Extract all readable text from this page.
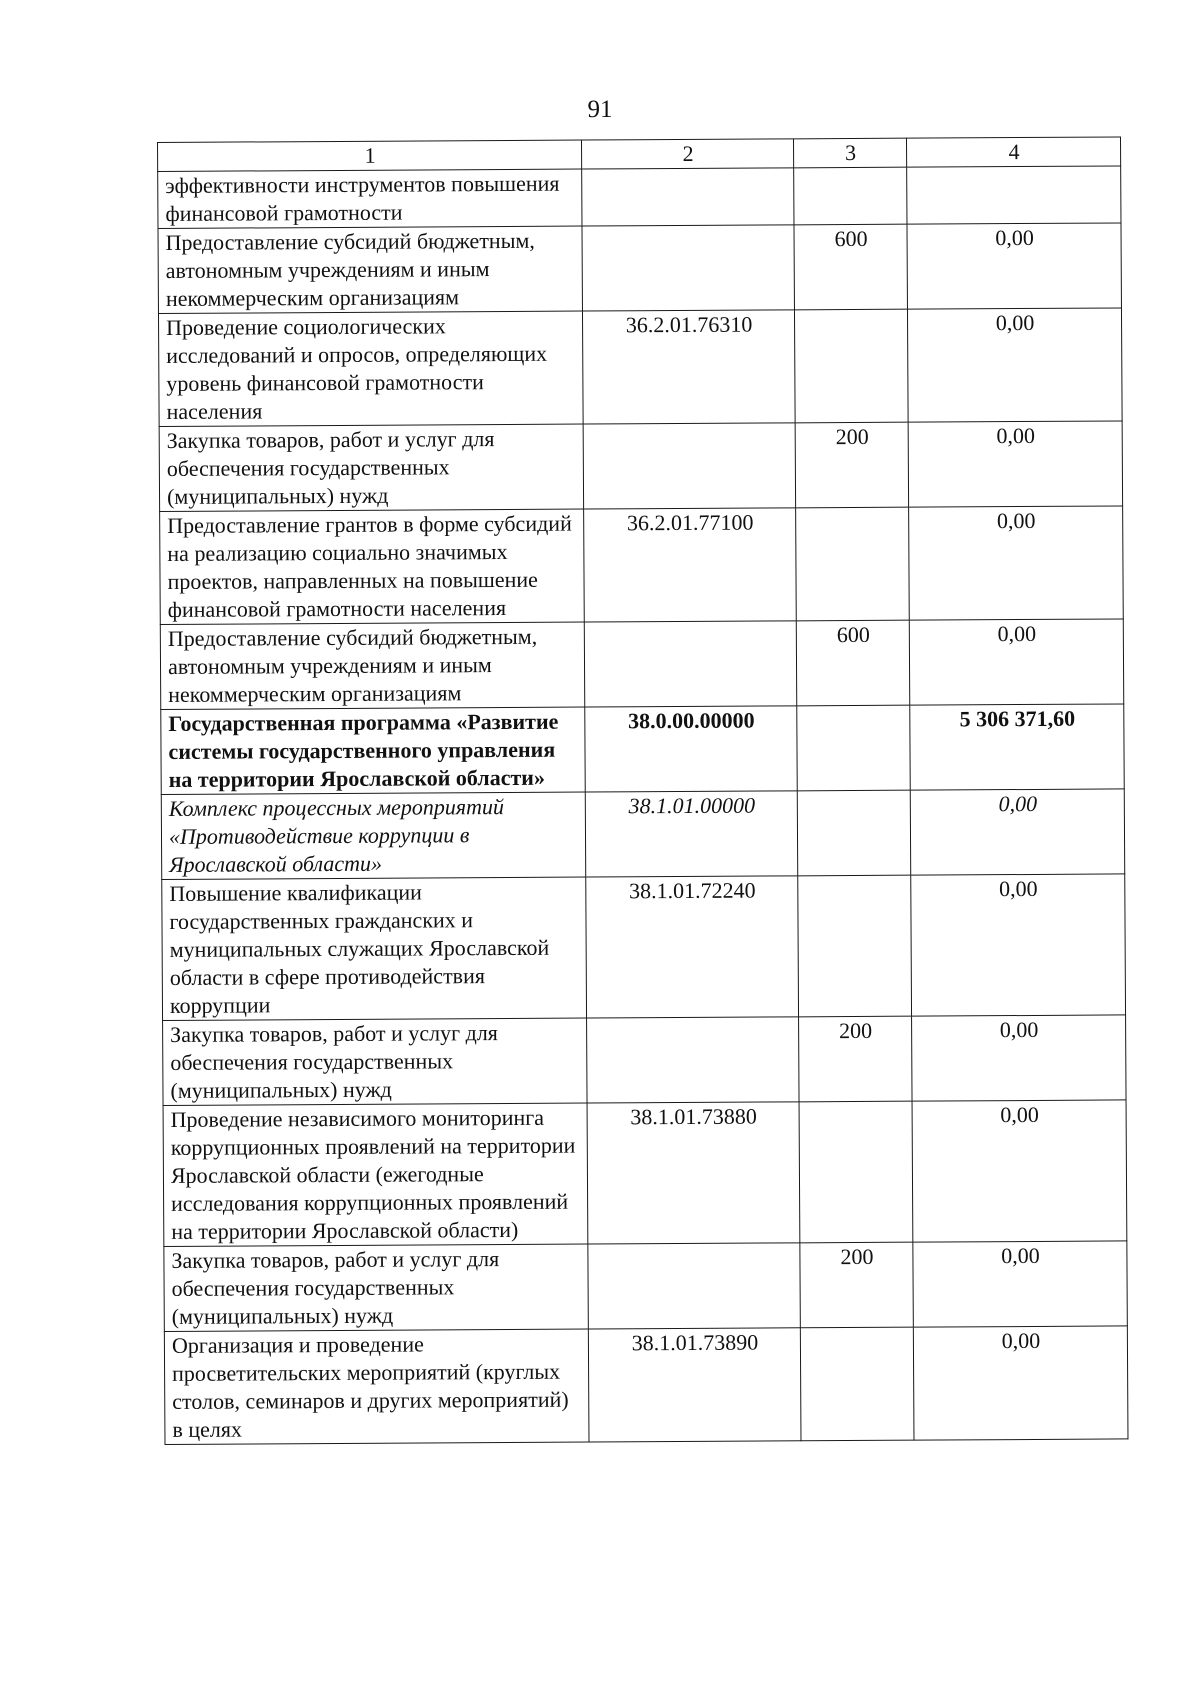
91
1	2	3	4
эффективности инструментов повышения финансовой грамотности			
Предоставление субсидий бюджетным, автономным учреждениям и иным некоммерческим организациям		600	0,00
Проведение социологических исследований и опросов, определяющих уровень финансовой грамотности населения	36.2.01.76310		0,00
Закупка товаров, работ и услуг для обеспечения государственных (муниципальных) нужд		200	0,00
Предоставление грантов в форме субсидий на реализацию социально значимых проектов, направленных на повышение финансовой грамотности населения	36.2.01.77100		0,00
Предоставление субсидий бюджетным, автономным учреждениям и иным некоммерческим организациям		600	0,00
Государственная программа «Развитие системы государственного управления на территории Ярославской области»	38.0.00.00000		5 306 371,60
Комплекс процессных мероприятий «Противодействие коррупции в Ярославской области»	38.1.01.00000		0,00
Повышение квалификации государственных гражданских и муниципальных служащих Ярославской области в сфере противодействия коррупции	38.1.01.72240		0,00
Закупка товаров, работ и услуг для обеспечения государственных (муниципальных) нужд		200	0,00
Проведение независимого мониторинга коррупционных проявлений на территории Ярославской области (ежегодные исследования коррупционных проявлений на территории Ярославской области)	38.1.01.73880		0,00
Закупка товаров, работ и услуг для обеспечения государственных (муниципальных) нужд		200	0,00
Организация и проведение просветительских мероприятий (круглых столов, семинаров и других мероприятий) в целях	38.1.01.73890		0,00
